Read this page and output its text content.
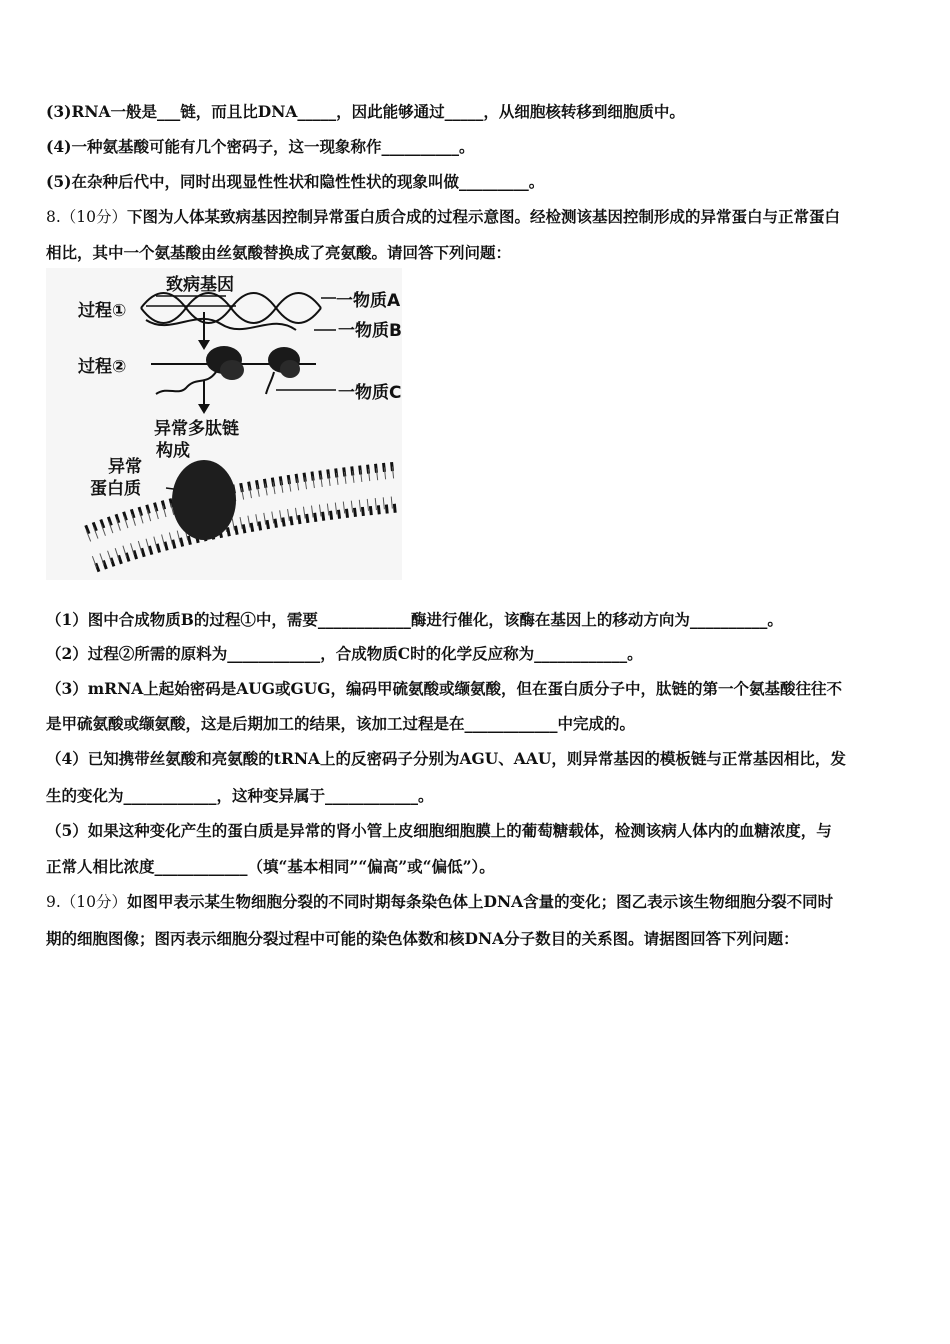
(3)RNA一般是___链，而且比DNA_____，因此能够通过_____，从细胞核转移到细胞质中。
(4)一种氨基酸可能有几个密码子，这一现象称作__________。
(5)在杂种后代中，同时出现显性性状和隐性性状的现象叫做_________。
8.（10分）下图为人体某致病基因控制异常蛋白质合成的过程示意图。经检测该基因控制形成的异常蛋白与正常蛋白
相比，其中一个氨基酸由丝氨酸替换成了亮氨酸。请回答下列问题：
致病基因
一物质A
过程①
一物质B
过程②
一物质C
异常多肽链
构成
异常
蛋白质
（1）图中合成物质B的过程①中，需要____________酶进行催化，该酶在基因上的移动方向为__________。
（2）过程②所需的原料为____________，合成物质C时的化学反应称为____________。
（3）mRNA上起始密码是AUG或GUG，编码甲硫氨酸或缬氨酸，但在蛋白质分子中，肽链的第一个氨基酸往往不
是甲硫氨酸或缬氨酸，这是后期加工的结果，该加工过程是在____________中完成的。
（4）已知携带丝氨酸和亮氨酸的tRNA上的反密码子分别为AGU、AAU，则异常基因的模板链与正常基因相比，发
生的变化为____________，这种变异属于____________。
（5）如果这种变化产生的蛋白质是异常的肾小管上皮细胞细胞膜上的葡萄糖载体，检测该病人体内的血糖浓度，与
正常人相比浓度____________（填“基本相同”“偏高”或“偏低”）。
9.（10分）如图甲表示某生物细胞分裂的不同时期每条染色体上DNA含量的变化；图乙表示该生物细胞分裂不同时
期的细胞图像；图丙表示细胞分裂过程中可能的染色体数和核DNA分子数目的关系图。请据图回答下列问题：
